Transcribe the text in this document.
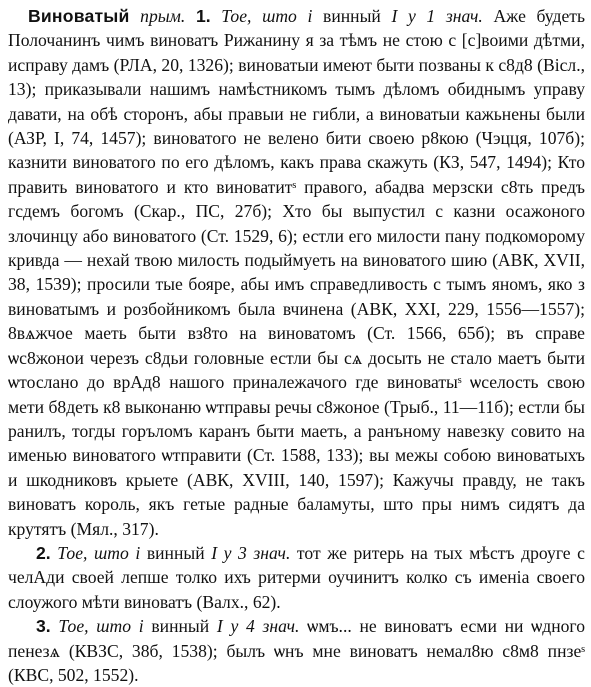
Виноватый прым. 1. Тое, што і винный І у 1 знач. Аже будеть Полочанинъ чимъ виноватъ Рижанину я за тѣмъ не стою с [с]воими дѣтми, исправу дамъ (РЛА, 20, 1326); виноватыи имеют быти позваны к с8д8 (Вісл., 13); приказывали нашимъ намѣстникомъ тымъ дѣломъ обиднымъ управу давати, на обѣ сторонъ, абы правыи не гибли, а виноватыи кажьнены были (АЗР, I, 74, 1457); виноватого не велено бити своею р8кою (Чэцця, 107б); казнити виноватого по его дѣломъ, какъ права скажуть (КЗ, 547, 1494); Кто править виноватого и кто виноватитˢ правого, абадва мерзски с8ть предъ гсдемъ богомъ (Скар., ПС, 27б); Хто бы выпустил с казни осажоного злочинцу або виноватого (Ст. 1529, 6); естли его милости пану подкоморому кривда — нехай твою милость подыймуеть на виноватого шию (АВК, XVII, 38, 1539); просили тые бояре, абы имъ справедливость с тымъ яномъ, яко з виноватымъ и розбойникомъ была вчинена (АВК, XXI, 229, 1556—1557); 8вѧжчое маеть быти вз8то на виноватомъ (Ст. 1566, 65б); въ справе ѡс8жонои черезъ с8дьи головные естли бы сѧ досыть не стало маетъ быти ѡтослано до врАд8 нашого приналежачого где виноватыˢ ѡселость свою мети б8деть к8 выконаню ѡтправы речы с8жоное (Трыб., 11—11б); естли бы ранилъ, тогды горъломъ каранъ быти маеть, а ранъному навезку совито на именью виноватого ѡтправити (Ст. 1588, 133); вы межы собою виноватыхъ и шкодниковъ крыете (АВК, XVIII, 140, 1597); Кажучы правду, не такъ виноватъ король, якъ гетые радные баламуты, што пры нимъ сидятъ да крутятъ (Мял., 317).

2. Тое, што і винный І у 3 знач. тот же ритерь на тых мѣстъ дроуге с челАди своей лепше толко ихъ ритерми оучинитъ колко съ именіа своего слоужого мѣти виноватъ (Валх., 62).

3. Тое, што і винный І у 4 знач. ѡмъ... не виноватъ есми ни ѡдного пенезѧ (КВЗС, 38б, 1538); былъ ѡнъ мне виноватъ немал8ю с8м8 пнзеˢ (КВС, 502, 1552).
